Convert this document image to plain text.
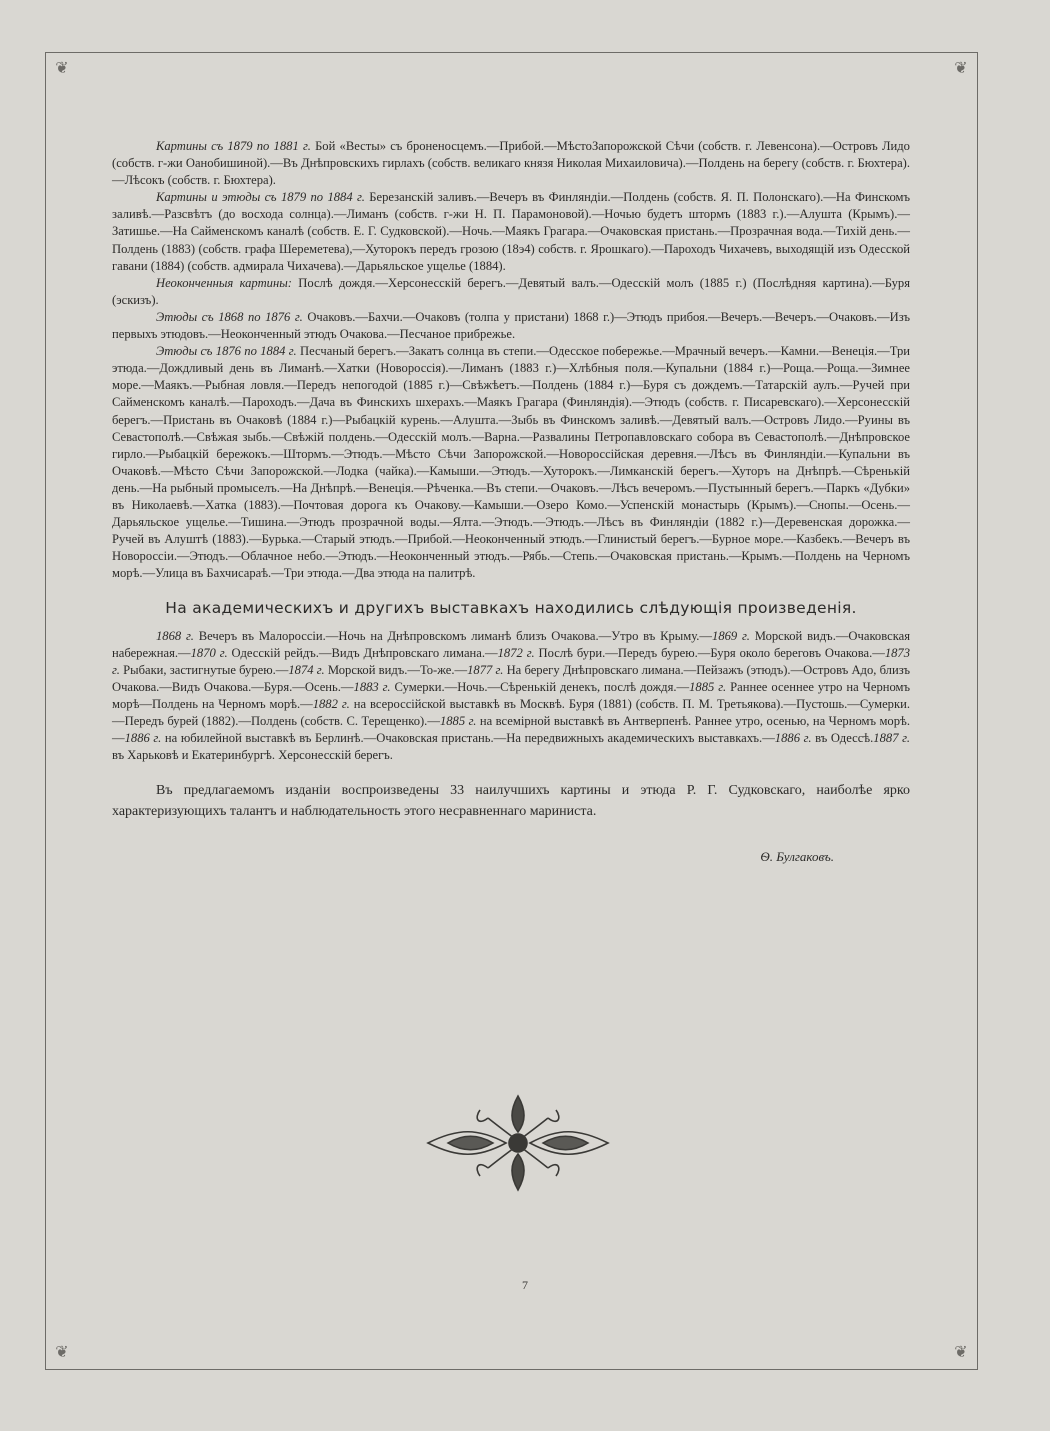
❦	❦
❦	❦

Картины съ 1879 по 1881 г. Бой «Весты» съ броненосцемъ.—Прибой.—МѣстоЗапорожской Сѣчи (собств. г. Левенсона).—Островъ Лидо (собств. г-жи Оанобишиной).—Въ Днѣпровскихъ гирлахъ (собств. великаго князя Николая Михаиловича).—Полдень на берегу (собств. г. Бюхтера).—Лѣсокъ (собств. г. Бюхтера).

Картины и этюды съ 1879 по 1884 г. Березанскій заливъ.—Вечеръ въ Финляндіи.—Полдень (собств. Я. П. Полонскаго).—На Финскомъ заливѣ.—Разсвѣтъ (до восхода солнца).—Лиманъ (собств. г-жи Н. П. Парамоновой).—Ночью будетъ штормъ (1883 г.).—Алушта (Крымъ).—Затишье.—На Сайменскомъ каналѣ (собств. Е. Г. Судковской).—Ночь.—Маякъ Грагара.—Очаковская пристань.—Прозрачная вода.—Тихій день.—Полдень (1883) (собств. графа Шереметева),—Хуторокъ передъ грозою (18э4) собств. г. Ярошкаго).—Пароходъ Чихачевъ, выходящій изъ Одесской гавани (1884) (собств. адмирала Чихачева).—Дарьяльское ущелье (1884).

Неоконченныя картины: Послѣ дождя.—Херсонесскій берегъ.—Девятый валъ.—Одесскій молъ (1885 г.) (Послѣдняя картина).—Буря (эскизъ).

Этюды съ 1868 по 1876 г. Очаковъ.—Бахчи.—Очаковъ (толпа у пристани) 1868 г.)—Этюдъ прибоя.—Вечеръ.—Вечеръ.—Очаковъ.—Изъ первыхъ этюдовъ.—Неоконченный этюдъ Очакова.—Песчаное прибрежье.

Этюды съ 1876 по 1884 г. Песчаный берегъ.—Закатъ солнца въ степи.—Одесское побережье.—Мрачный вечеръ.—Камни.—Венеція.—Три этюда.—Дождливый день въ Лиманѣ.—Хатки (Новороссія).—Лиманъ (1883 г.)—Хлѣбныя поля.—Купальни (1884 г.)—Роща.—Роща.—Зимнее море.—Маякъ.—Рыбная ловля.—Передъ непогодой (1885 г.)—Свѣжѣетъ.—Полдень (1884 г.)—Буря съ дождемъ.—Татарскій аулъ.—Ручей при Сайменскомъ каналѣ.—Пароходъ.—Дача въ Финскихъ шхерахъ.—Маякъ Грагара (Финляндія).—Этюдъ (собств. г. Писаревскаго).—Херсонесскій берегъ.—Пристань въ Очаковѣ (1884 г.)—Рыбацкій курень.—Алушта.—Зыбь въ Финскомъ заливѣ.—Девятый валъ.—Островъ Лидо.—Руины въ Севастополѣ.—Свѣжая зыбь.—Свѣжій полдень.—Одесскій молъ.—Варна.—Развалины Петропавловскаго собора въ Севастополѣ.—Днѣпровское гирло.—Рыбацкій бережокъ.—Штормъ.—Этюдъ.—Мѣсто Сѣчи Запорожской.—Новороссійская деревня.—Лѣсъ въ Финляндіи.—Купальни въ Очаковѣ.—Мѣсто Сѣчи Запорожской.—Лодка (чайка).—Камыши.—Этюдъ.—Хуторокъ.—Лимканскій берегъ.—Хуторъ на Днѣпрѣ.—Сѣренькій день.—На рыбный промыселъ.—На Днѣпрѣ.—Венеція.—Рѣченка.—Въ степи.—Очаковъ.—Лѣсъ вечеромъ.—Пустынный берегъ.—Паркъ «Дубки» въ Николаевѣ.—Хатка (1883).—Почтовая дорога къ Очакову.—Камыши.—Озеро Комо.—Успенскій монастырь (Крымъ).—Снопы.—Осень.—Дарьяльское ущелье.—Тишина.—Этюдъ прозрачной воды.—Ялта.—Этюдъ.—Этюдъ.—Лѣсъ въ Финляндіи (1882 г.)—Деревенская дорожка.—Ручей въ Алуштѣ (1883).—Бурька.—Старый этюдъ.—Прибой.—Неоконченный этюдъ.—Глинистый берегъ.—Бурное море.—Казбекъ.—Вечеръ въ Новороссіи.—Этюдъ.—Облачное небо.—Этюдъ.—Неоконченный этюдъ.—Рябь.—Степь.—Очаковская пристань.—Крымъ.—Полдень на Черномъ морѣ.—Улица въ Бахчисараѣ.—Три этюда.—Два этюда на палитрѣ.

На академическихъ и другихъ выставкахъ находились слѣдующія произведенія.

1868 г. Вечеръ въ Малороссіи.—Ночь на Днѣпровскомъ лиманѣ близъ Очакова.—Утро въ Крыму.—1869 г. Морской видъ.—Очаковская набережная.—1870 г. Одесскій рейдъ.—Видъ Днѣпровскаго лимана.—1872 г. Послѣ бури.—Передъ бурею.—Буря около береговъ Очакова.—1873 г. Рыбаки, застигнутые бурею.—1874 г. Морской видъ.—То-же.—1877 г. На берегу Днѣпровскаго лимана.—Пейзажъ (этюдъ).—Островъ Адо, близъ Очакова.—Видъ Очакова.—Буря.—Осень.—1883 г. Сумерки.—Ночь.—Сѣренькій денекъ, послѣ дождя.—1885 г. Раннее осеннее утро на Черномъ морѣ—Полдень на Черномъ морѣ.—1882 г. на всероссійской выставкѣ въ Москвѣ. Буря (1881) (собств. П. М. Третьякова).—Пустошь.—Сумерки.—Передъ бурей (1882).—Полдень (собств. С. Терещенко).—1885 г. на всемірной выставкѣ въ Антверпенѣ. Раннее утро, осенью, на Черномъ морѣ.—1886 г. на юбилейной выставкѣ въ Берлинѣ.—Очаковская пристань.—На передвижныхъ академическихъ выставкахъ.—1886 г. въ Одессѣ.1887 г. въ Харьковѣ и Екатеринбургѣ. Херсонесскій берегъ.

Въ предлагаемомъ изданіи воспроизведены 33 наилучшихъ картины и этюда Р. Г. Судковскаго, наиболѣе ярко характеризующихъ талантъ и наблюдательность этого несравненнаго мариниста.

Ѳ. Булгаковъ.
7
